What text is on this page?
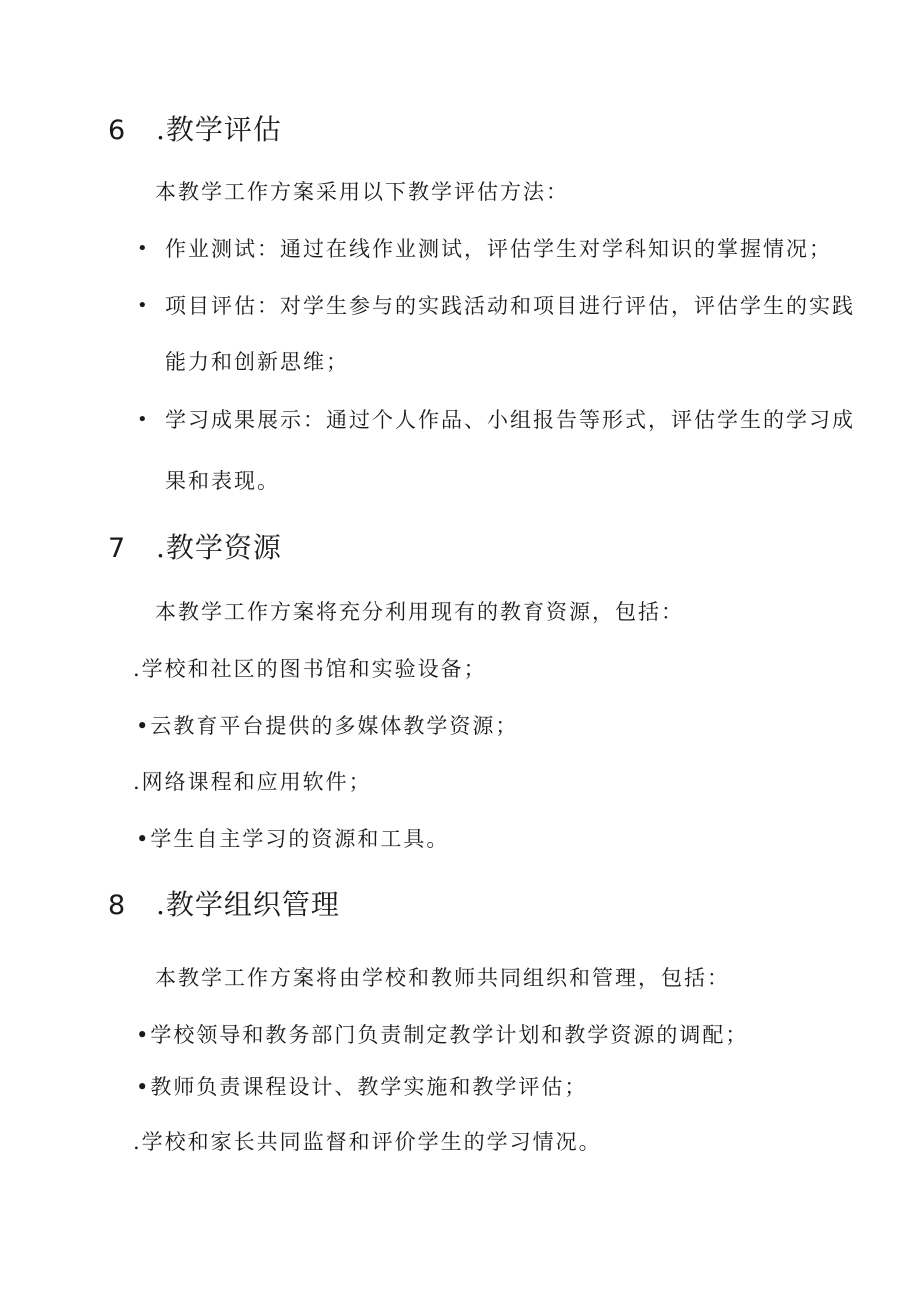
6 .教学评估
本教学工作方案采用以下教学评估方法：
• 作业测试：通过在线作业测试，评估学生对学科知识的掌握情况；
• 项目评估：对学生参与的实践活动和项目进行评估，评估学生的实践
能力和创新思维；
• 学习成果展示：通过个人作品、小组报告等形式，评估学生的学习成
果和表现。
7 .教学资源
本教学工作方案将充分利用现有的教育资源，包括：
.学校和社区的图书馆和实验设备；
•云教育平台提供的多媒体教学资源；
.网络课程和应用软件；
•学生自主学习的资源和工具。
8 .教学组织管理
本教学工作方案将由学校和教师共同组织和管理，包括：
•学校领导和教务部门负责制定教学计划和教学资源的调配；
•教师负责课程设计、教学实施和教学评估；
.学校和家长共同监督和评价学生的学习情况。
